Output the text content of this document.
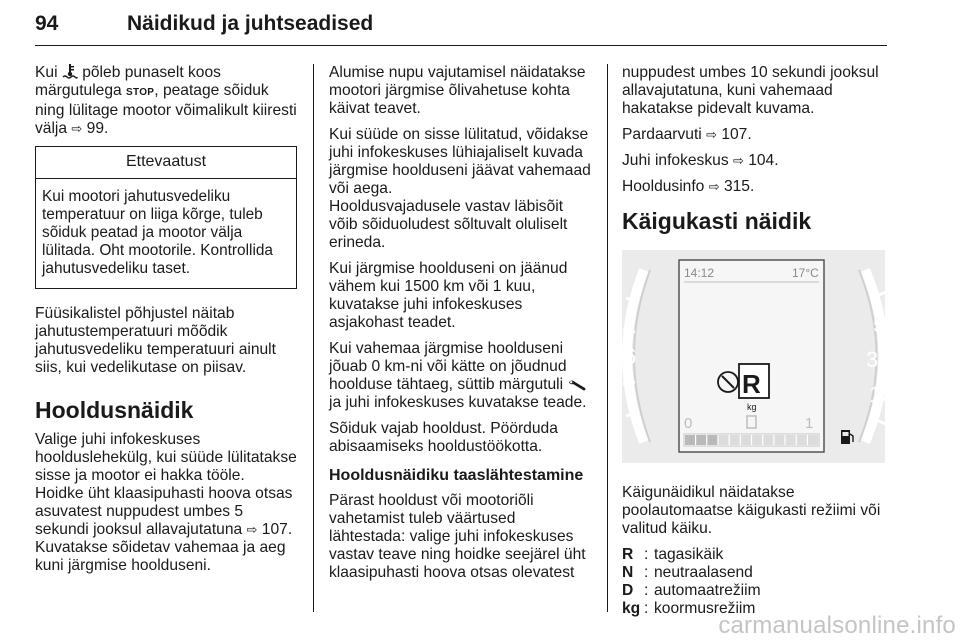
94	Näidikud ja juhtseadised

Kui  põleb punaselt koos märgutulega STOP, peatage sõiduk ning lülitage mootor võimalikult kiiresti välja ⇨ 99.

Ettevaatust
Kui mootori jahutusvedeliku temperatuur on liiga kõrge, tuleb sõiduk peatad ja mootor välja lülitada. Oht mootorile. Kontrollida jahutusvedeliku taset.

Füüsikalistel põhjustel näitab jahutustemperatuuri mõõdik jahutusvedeliku temperatuuri ainult siis, kui vedelikutase on piisav.

Hooldusnäidik

Valige juhi infokeskuses hoolduslehekülg, kui süüde lülitatakse sisse ja mootor ei hakka tööle. Hoidke üht klaasipuhasti hoova otsas asuvatest nuppudest umbes 5 sekundi jooksul allavajutatuna ⇨ 107. Kuvatakse sõidetav vahemaa ja aeg kuni järgmise hoolduseni.

Alumise nupu vajutamisel näidatakse mootori järgmise õlivahetuse kohta käivat teavet.

Kui süüde on sisse lülitatud, võidakse juhi infokeskuses lühiajaliselt kuvada järgmise hoolduseni jäävat vahemaad või aega.

Hooldusvajadusele vastav läbisõit võib sõiduoludest sõltuvalt oluliselt erineda.

Kui järgmise hoolduseni on jäänud vähem kui 1500 km või 1 kuu, kuvatakse juhi infokeskuses asjakohast teadet.

Kui vahemaa järgmise hoolduseni jõuab 0 km-ni või kätte on jõudnud hoolduse tähtaeg, süttib märgutuli  ja juhi infokeskuses kuvatakse teade.

Sõiduk vajab hooldust. Pöörduda abisaamiseks hooldustöökotta.

Hooldusnäidiku taaslähtestamine

Pärast hooldust või mootoriõli vahetamist tuleb väärtused lähtestada: valige juhi infokeskuses vastav teave ning hoidke seejärel üht klaasipuhasti hoova otsas olevatest

nuppudest umbes 10 sekundi jooksul allavajutatuna, kuni vahemaad hakatakse pidevalt kuvama.

Pardaarvuti ⇨ 107.

Juhi infokeskus ⇨ 104.

Hooldusinfo ⇨ 315.

Käigukasti näidik
6
5
30
10
14:12	17°C
R
kg
0	1

Käigunäidikul näidatakse poolautomaatse käigukasti režiimi või valitud käiku.

R : tagasikäik
N : neutraalasend
D : automaatrežiim
kg : koormusrežiim
carmanualsonline.info
